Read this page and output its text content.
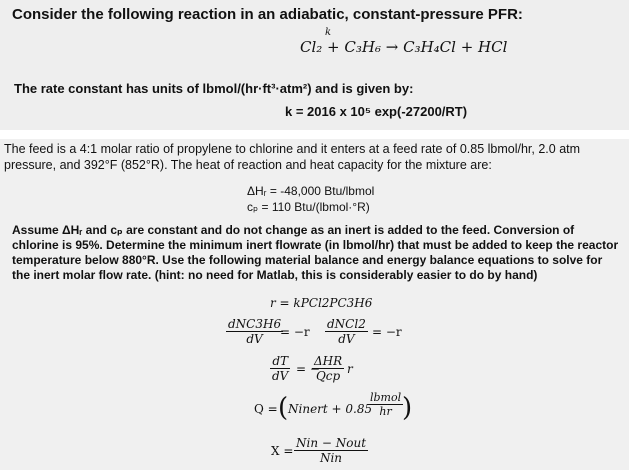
Consider the following reaction in an adiabatic, constant-pressure PFR:
Cl₂ + C₃H₆ → C₃H₄Cl + HCl
k
The rate constant has units of lbmol/(hr·ft³·atm²) and is given by:
k = 2016 x 10⁵ exp(-27200/RT)
The feed is a 4:1 molar ratio of propylene to chlorine and it enters at a feed rate of 0.85 lbmol/hr, 2.0 atm pressure, and 392°F (852°R). The heat of reaction and heat capacity for the mixture are:
ΔHᵣ = -48,000 Btu/lbmol
cₚ = 110 Btu/(lbmol·°R)
Assume ΔHᵣ and cₚ are constant and do not change as an inert is added to the feed. Conversion of chlorine is 95%. Determine the minimum inert flowrate (in lbmol/hr) that must be added to keep the reactor temperature below 880°R. Use the following material balance and energy balance equations to solve for the inert molar flow rate. (hint: no need for Matlab, this is considerably easier to do by hand)
r = kPCl2PC3H6
dNC3H6
dV	= −r
dNCl2
dV	= −r
$\frac{dT}{dV}$ = −
ΔHR
Qcp r
Q = ( Ninert + 0.85
lbmol
hr )
X =
Nin − Nout
Nin
